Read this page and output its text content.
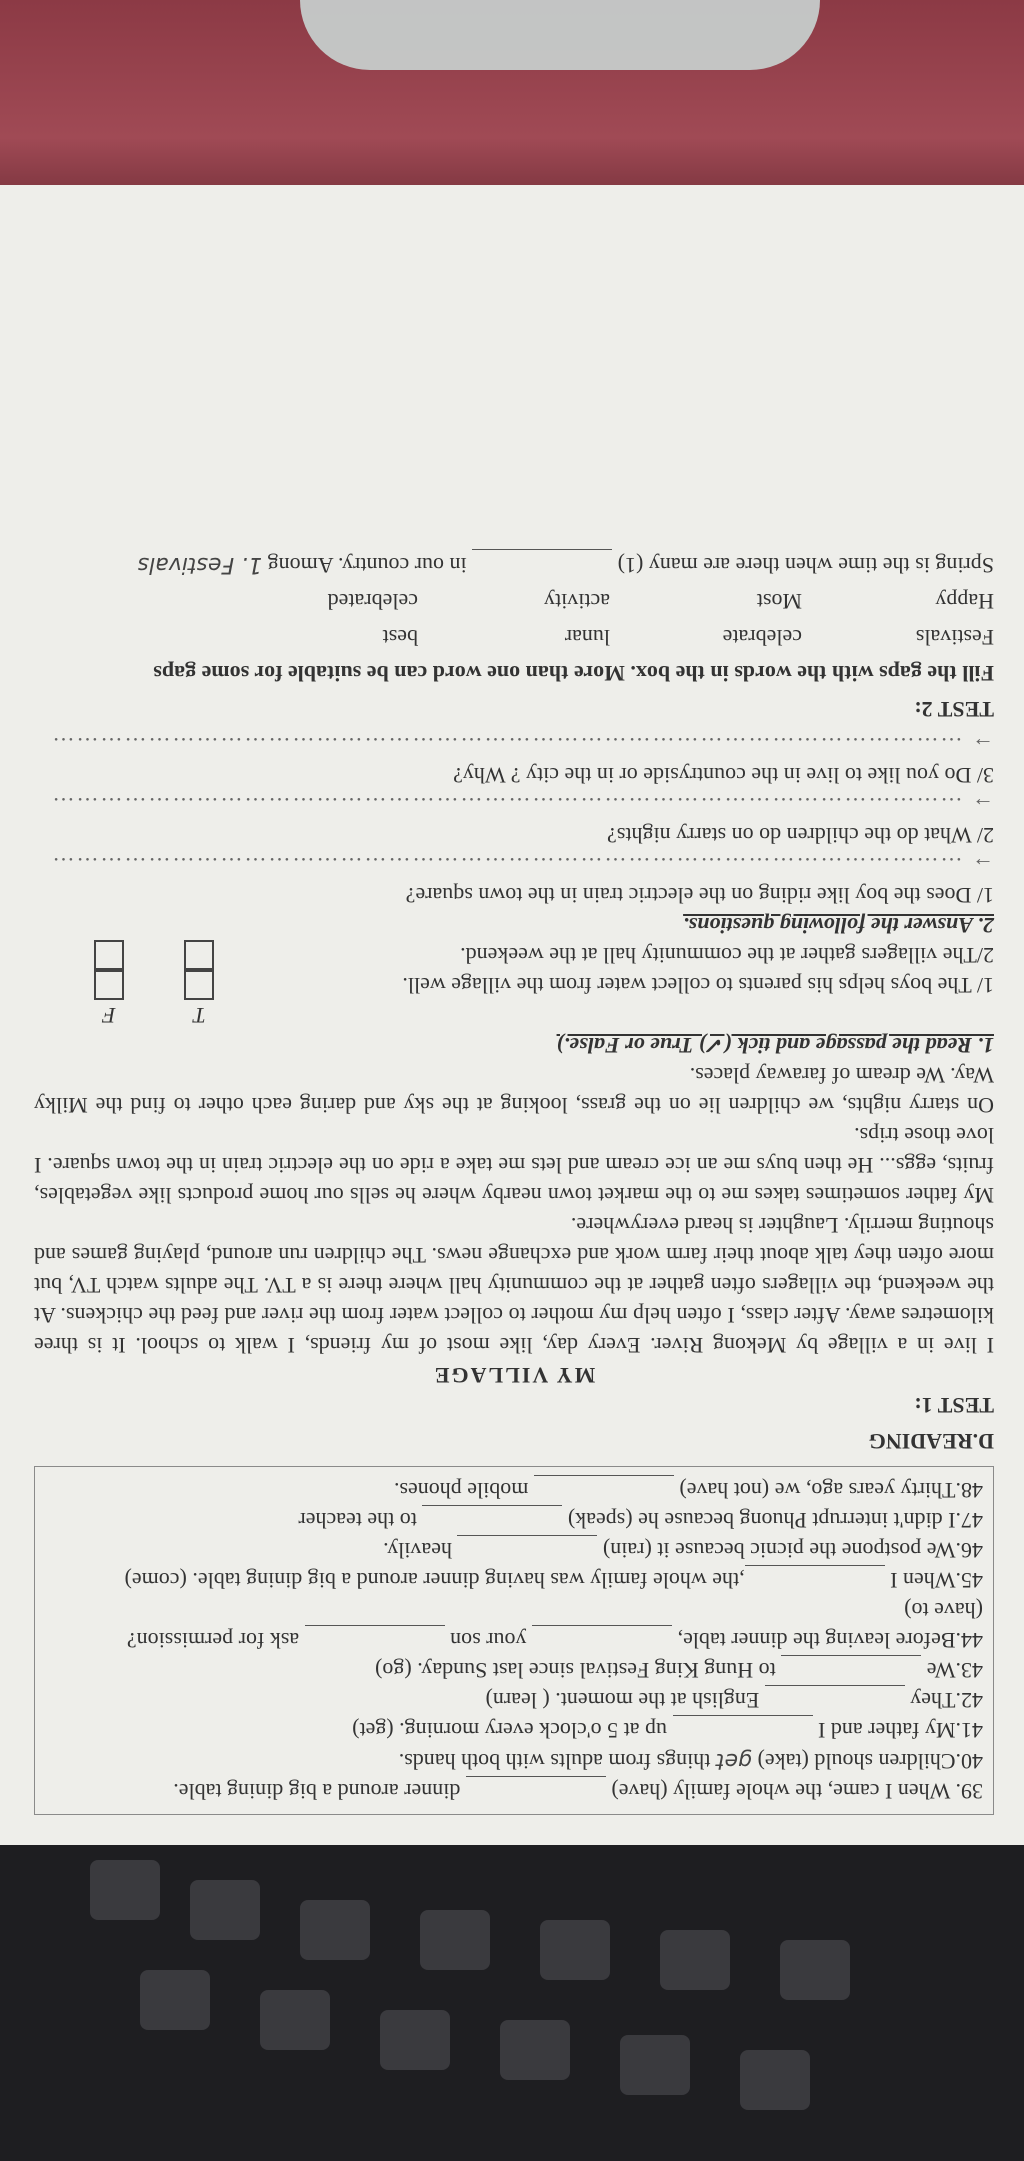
39. When I came, the whole family (have)  dinner around a big dining table.
40.Children should (take) get things from adults with both hands.
41.My father and I  up at 5 o'clock every morning. (get)
42.They  English at the moment. ( learn)
43.We  to Hung King Festival since last Sunday. (go)
44.Before leaving the dinner table,  your son  ask for permission?
(have to)
45.When I ,the whole family was having dinner around a big dining table. (come)
46.We postpone the picnic because it (rain)  heavily.
47.I didn't interrupt Phuong because he (speak)  to the teacher
48.Thirty years ago, we (not have)  mobile phones.
D.READING
TEST 1:
MY VILLAGE
I live in a village by Mekong River. Every day, like most of my friends, I walk to school. It is three kilometres away. After class, I often help my mother to collect water from the river and feed the chickens. At the weekend, the villagers often gather at the community hall where there is a TV. The adults watch TV, but more often they talk about their farm work and exchange news. The children run around, playing games and shouting merrily. Laughter is heard everywhere.
My father sometimes takes me to the market town nearby where he sells our home products like vegetables, fruits, eggs... He then buys me an ice cream and lets me take a ride on the electric train in the town square. I love those trips.
On starry nights, we children lie on the grass, looking at the sky and daring each other to find the Milky Way. We dream of faraway places.
1. Read the passage and tick (✓) True or False.)
T
F
1/ The boys helps his parents to collect water from the village well.
2/The villagers gather at the community hall at the weekend.
2. Answer the following questions.
1/ Does the boy like riding on the electric train in the town square?
→ ……………………………………………………………………………………………………
2/ What do the children do on starry nights?
→ ……………………………………………………………………………………………………
3/ Do you like to live in the countryside or in the city ? Why?
→ ……………………………………………………………………………………………………
TEST 2:
Fill the gaps with the words in the box. More than one word can be suitable for some gaps
Festivals
celebrate
lunar
best
Happy
Most
activity
celebrated
Spring is the time when there are many (1)  in our country. Among 1. Festivals
